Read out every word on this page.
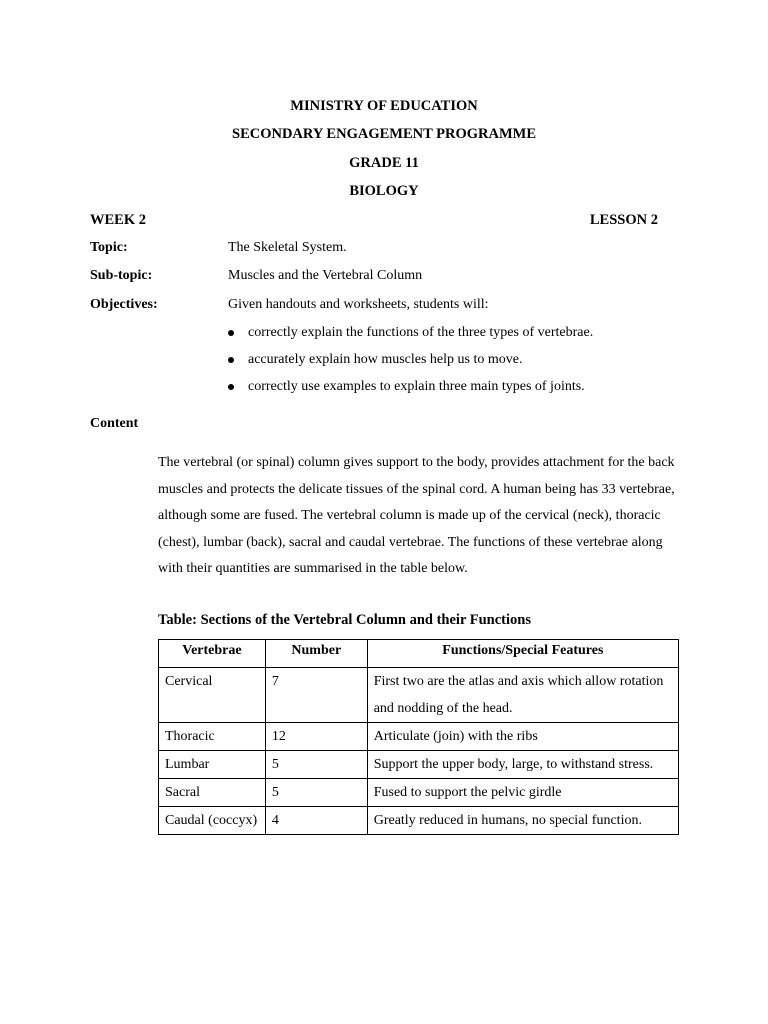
MINISTRY OF EDUCATION
SECONDARY ENGAGEMENT PROGRAMME
GRADE 11
BIOLOGY
WEEK 2	LESSON 2
Topic:	The Skeletal System.
Sub-topic:	Muscles and the Vertebral Column
Objectives:	Given handouts and worksheets, students will:
correctly explain the functions of the three types of vertebrae.
accurately explain how muscles help us to move.
correctly use examples to explain three main types of joints.
Content
The vertebral (or spinal) column gives support to the body, provides attachment for the back muscles and protects the delicate tissues of the spinal cord. A human being has 33 vertebrae, although some are fused. The vertebral column is made up of the cervical (neck), thoracic (chest), lumbar (back), sacral and caudal vertebrae. The functions of these vertebrae along with their quantities are summarised in the table below.
Table: Sections of the Vertebral Column and their Functions
Vertebrae	Number	Functions/Special Features
Cervical	7	First two are the atlas and axis which allow rotation and nodding of the head.
Thoracic	12	Articulate (join) with the ribs
Lumbar	5	Support the upper body, large, to withstand stress.
Sacral	5	Fused to support the pelvic girdle
Caudal (coccyx)	4	Greatly reduced in humans, no special function.
